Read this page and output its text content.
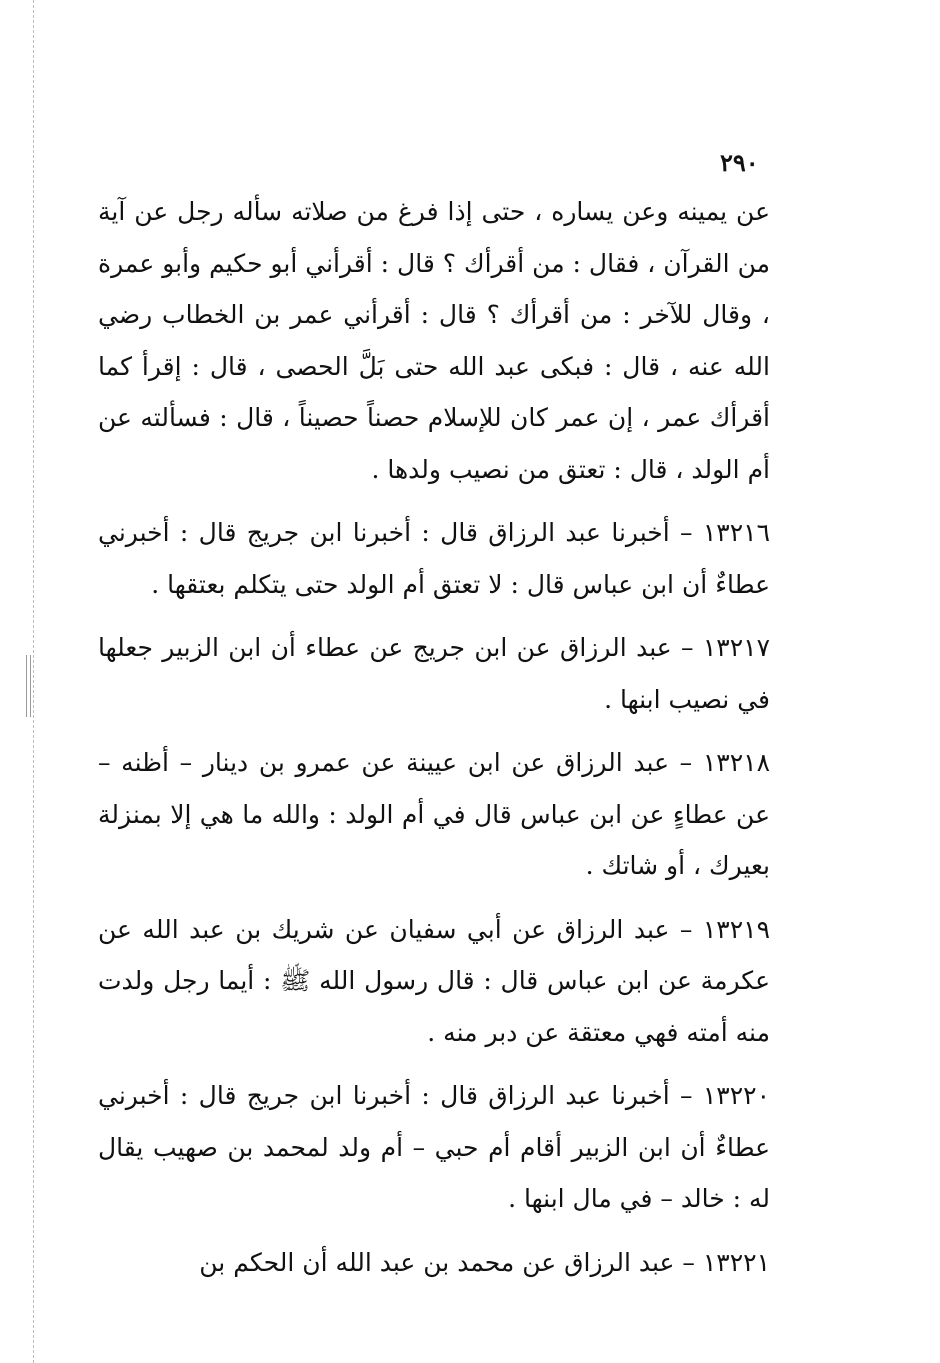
٢٩٠

عن يمينه وعن يساره ، حتى إذا فرغ من صلاته سأله رجل عن آية من القرآن ، فقال : من أقرأك ؟ قال : أقرأني أبو حكيم وأبو عمرة ، وقال للآخر : من أقرأك ؟ قال : أقرأني عمر بن الخطاب رضي الله عنه ، قال : فبكى عبد الله حتى بَلَّ الحصى ، قال : إقرأ كما أقرأك عمر ، إن عمر كان للإسلام حصناً حصيناً ، قال : فسألته عن أم الولد ، قال : تعتق من نصيب ولدها .

١٣٢١٦ – أخبرنا عبد الرزاق قال : أخبرنا ابن جريج قال : أخبرني عطاءٌ أن ابن عباس قال : لا تعتق أم الولد حتى يتكلم بعتقها .

١٣٢١٧ – عبد الرزاق عن ابن جريج عن عطاء أن ابن الزبير جعلها في نصيب ابنها .

١٣٢١٨ – عبد الرزاق عن ابن عيينة عن عمرو بن دينار – أظنه – عن عطاءٍ عن ابن عباس قال في أم الولد : والله ما هي إلا بمنزلة بعيرك ، أو شاتك .

١٣٢١٩ – عبد الرزاق عن أبي سفيان عن شريك بن عبد الله عن عكرمة عن ابن عباس قال : قال رسول الله ﷺ : أيما رجل ولدت منه أمته فهي معتقة عن دبر منه .

١٣٢٢٠ – أخبرنا عبد الرزاق قال : أخبرنا ابن جريج قال : أخبرني عطاءٌ أن ابن الزبير أقام أم حبي – أم ولد لمحمد بن صهيب يقال له : خالد – في مال ابنها .

١٣٢٢١ – عبد الرزاق عن محمد بن عبد الله أن الحكم بن
